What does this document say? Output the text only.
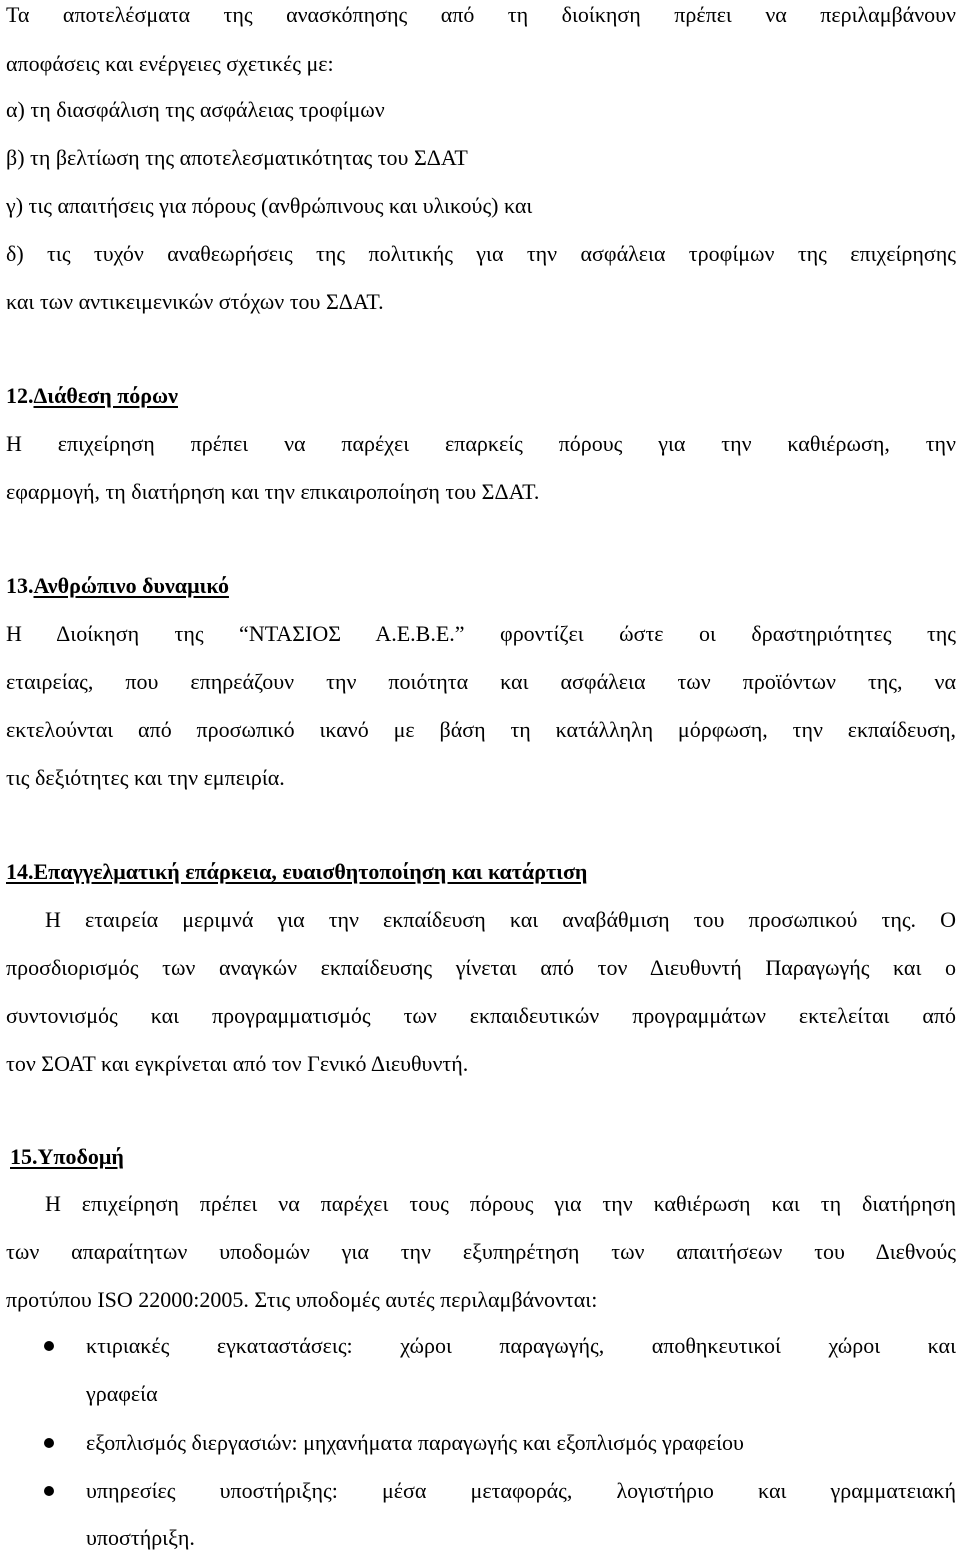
Τα αποτελέσματα της ανασκόπησης από τη διοίκηση πρέπει να περιλαμβάνουν
αποφάσεις και ενέργειες σχετικές με:
α) τη διασφάλιση της ασφάλειας τροφίμων
β) τη βελτίωση της αποτελεσματικότητας του ΣΔΑΤ
γ) τις απαιτήσεις για πόρους (ανθρώπινους και υλικούς) και
δ) τις τυχόν αναθεωρήσεις της πολιτικής για την ασφάλεια τροφίμων της επιχείρησης
και των αντικειμενικών στόχων του ΣΔΑΤ.
12.Διάθεση πόρων
Η επιχείρηση πρέπει να παρέχει επαρκείς πόρους για την καθιέρωση, την
εφαρμογή, τη διατήρηση και την επικαιροποίηση του ΣΔΑΤ.
13.Ανθρώπινο δυναμικό
Η Διοίκηση της “ΝΤΑΣΙΟΣ Α.Ε.Β.Ε.” φροντίζει ώστε οι δραστηριότητες της
εταιρείας, που επηρεάζουν την ποιότητα και ασφάλεια των προϊόντων της, να
εκτελούνται από προσωπικό ικανό με βάση τη κατάλληλη μόρφωση, την εκπαίδευση,
τις δεξιότητες και την εμπειρία.
14.Επαγγελματική επάρκεια, ευαισθητοποίηση και κατάρτιση
Η εταιρεία μεριμνά για την εκπαίδευση και αναβάθμιση του προσωπικού της. Ο
προσδιορισμός των αναγκών εκπαίδευσης γίνεται από τον Διευθυντή Παραγωγής και ο
συντονισμός και προγραμματισμός των εκπαιδευτικών προγραμμάτων εκτελείται από
τον ΣΟΑΤ και εγκρίνεται από τον Γενικό Διευθυντή.
15.Υποδομή
Η επιχείρηση πρέπει να παρέχει τους πόρους για την καθιέρωση και τη διατήρηση
των απαραίτητων υποδομών για την εξυπηρέτηση των απαιτήσεων του Διεθνούς
προτύπου ISO 22000:2005. Στις υποδομές αυτές περιλαμβάνονται:
κτιριακές εγκαταστάσεις: χώροι παραγωγής, αποθηκευτικοί χώροι και
γραφεία
εξοπλισμός διεργασιών: μηχανήματα παραγωγής και εξοπλισμός γραφείου
υπηρεσίες υποστήριξης: μέσα μεταφοράς, λογιστήριο και γραμματειακή
υποστήριξη.
